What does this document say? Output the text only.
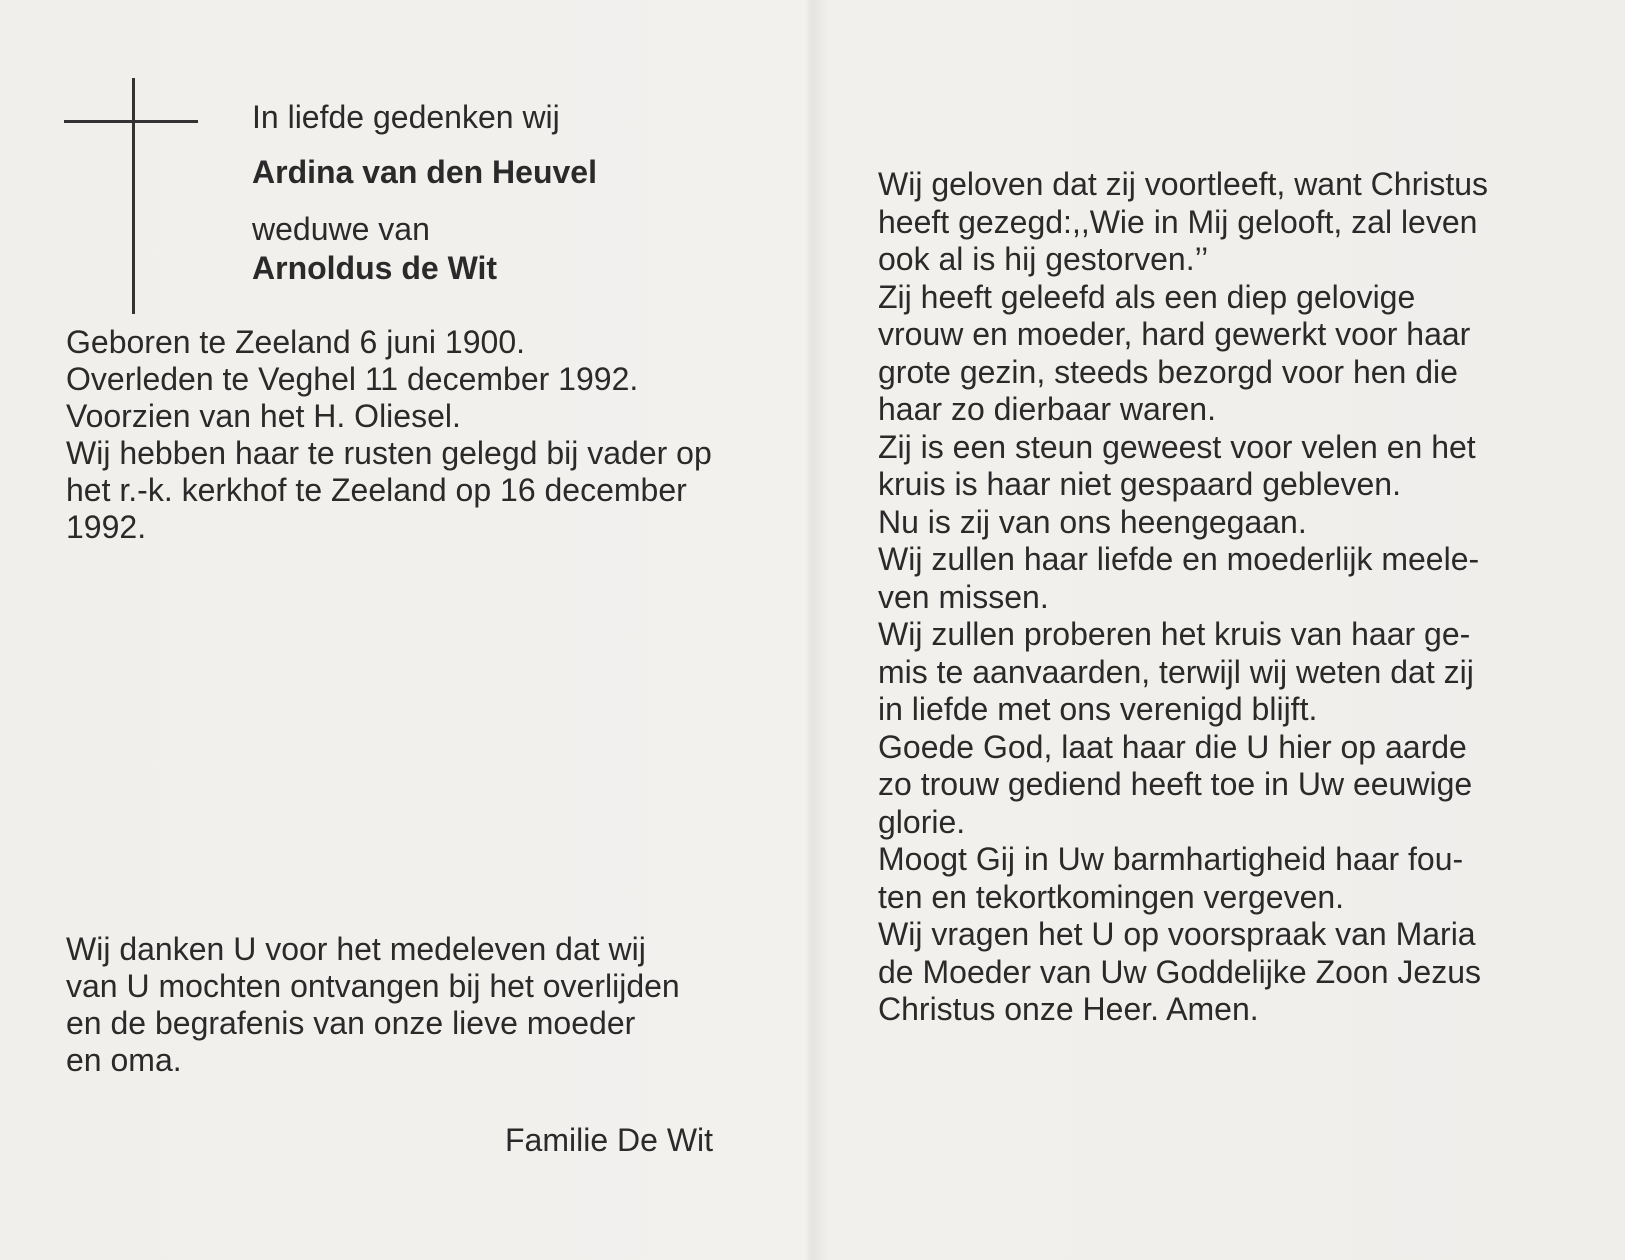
In liefde gedenken wij
Ardina van den Heuvel
weduwe van
Arnoldus de Wit
Geboren te Zeeland 6 juni 1900.
Overleden te Veghel 11 december 1992.
Voorzien van het H. Oliesel.
Wij hebben haar te rusten gelegd bij vader op
het r.-k. kerkhof te Zeeland op 16 december
1992.
Wij danken U voor het medeleven dat wij
van U mochten ontvangen bij het overlijden
en de begrafenis van onze lieve moeder
en oma.
Familie De Wit
Wij geloven dat zij voortleeft, want Christus
heeft gezegd:,,Wie in Mij gelooft, zal leven
ook al is hij gestorven.’’
Zij heeft geleefd als een diep gelovige
vrouw en moeder, hard gewerkt voor haar
grote gezin, steeds bezorgd voor hen die
haar zo dierbaar waren.
Zij is een steun geweest voor velen en het
kruis is haar niet gespaard gebleven.
Nu is zij van ons heengegaan.
Wij zullen haar liefde en moederlijk meele-
ven missen.
Wij zullen proberen het kruis van haar ge-
mis te aanvaarden, terwijl wij weten dat zij
in liefde met ons verenigd blijft.
Goede God, laat haar die U hier op aarde
zo trouw gediend heeft toe in Uw eeuwige
glorie.
Moogt Gij in Uw barmhartigheid haar fou-
ten en tekortkomingen vergeven.
Wij vragen het U op voorspraak van Maria
de Moeder van Uw Goddelijke Zoon Jezus
Christus onze Heer. Amen.
